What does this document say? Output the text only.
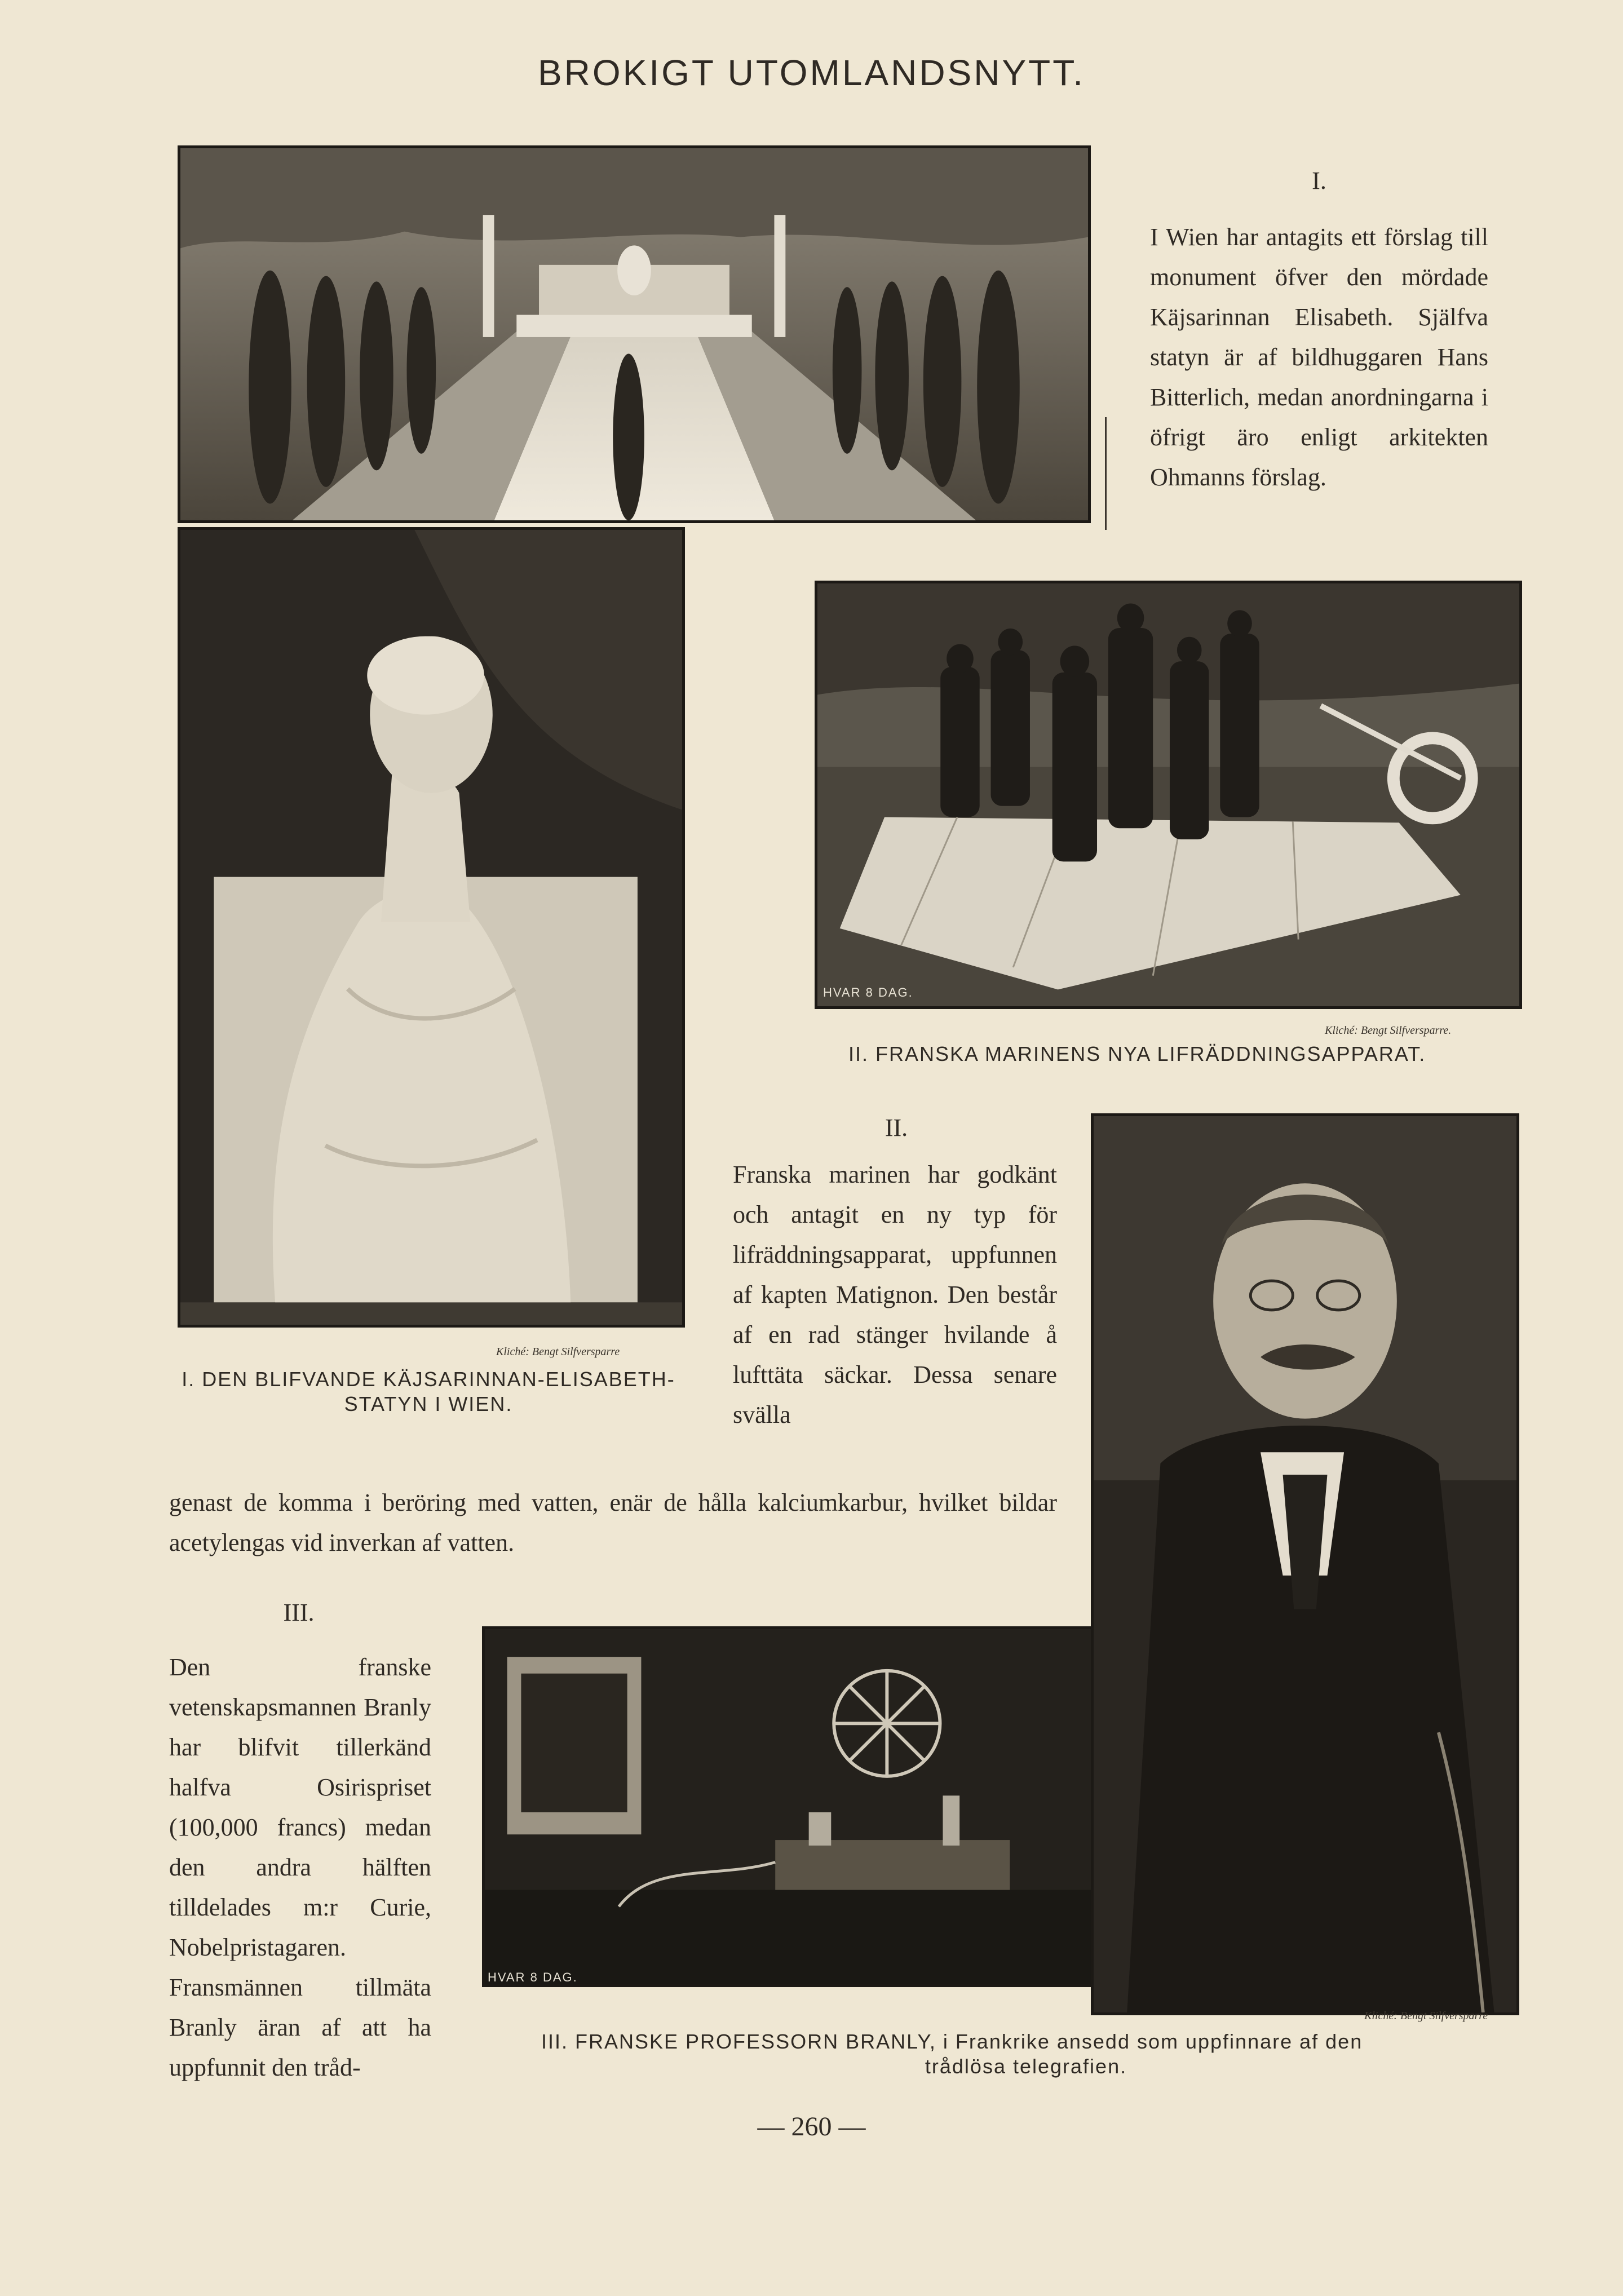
BROKIGT UTOMLANDSNYTT.
I.

I Wien har antagits ett förslag till monument öfver den mördade Käjsarinnan Elisabeth. Själfva statyn är af bildhuggaren Hans Bitterlich, medan anordningarna i öfrigt äro enligt arkitekten Ohmanns förslag.

Kliché: Bengt Silfversparre
I. DEN BLIFVANDE KÄJSARINNAN-ELISABETH-STATYN I WIEN.
HVAR 8 DAG.
Kliché: Bengt Silfversparre.
II. FRANSKA MARINENS NYA LIFRÄDDNINGSAPPARAT.
II.

Franska marinen har godkänt och antagit en ny typ för lifräddningsapparat, uppfunnen af kapten Matignon. Den består af en rad stänger hvilande å lufttäta säckar. Dessa senare svälla

genast de komma i beröring med vatten, enär de hålla kalciumkarbur, hvilket bildar acetylengas vid inverkan af vatten.

HVAR 8 DAG.
III.

Den franske vetenskapsmannen Branly har blifvit tillerkänd halfva Osirispriset (100,000 francs) medan den andra hälften tilldelades m:r Curie, Nobelpristagaren. Fransmännen tillmäta Branly äran af att ha uppfunnit den tråd-

Kliché: Bengt Silfversparre
III. FRANSKE PROFESSORN BRANLY, i Frankrike ansedd som uppfinnare af den
trådlösa telegrafien.
— 260 —
